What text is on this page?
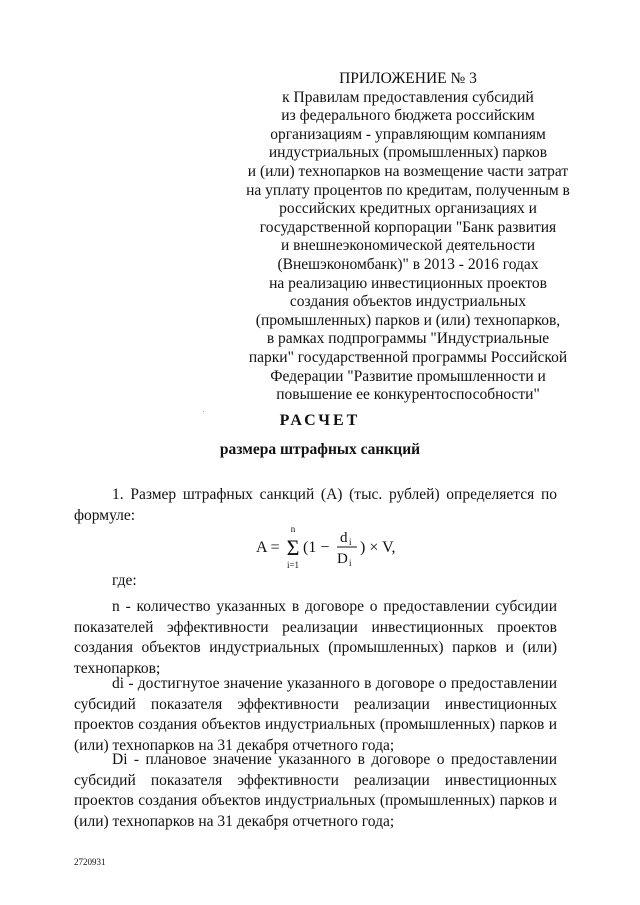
ПРИЛОЖЕНИЕ № 3
к Правилам предоставления субсидий
из федерального бюджета российским
организациям - управляющим компаниям
индустриальных (промышленных) парков
и (или) технопарков на возмещение части затрат
на уплату процентов по кредитам, полученным в
российских кредитных организациях и
государственной корпорации "Банк развития
и внешнеэкономической деятельности
(Внешэкономбанк)" в 2013 - 2016 годах
на реализацию инвестиционных проектов
создания объектов индустриальных
(промышленных) парков и (или) технопарков,
в рамках подпрограммы "Индустриальные
парки" государственной программы Российской
Федерации "Развитие промышленности и
повышение ее конкурентоспособности"
РАСЧЕТ
размера штрафных санкций
1. Размер штрафных санкций (А) (тыс. рублей) определяется по
формуле:
A =
n
Σ
i=1
(1 −
d i
D i
) × V,
где:
n - количество указанных в договоре о предоставлении субсидии
показателей эффективности реализации инвестиционных проектов
создания объектов индустриальных (промышленных) парков и (или)
технопарков;
di - достигнутое значение указанного в договоре о предоставлении
субсидий показателя эффективности реализации инвестиционных
проектов создания объектов индустриальных (промышленных) парков и
(или) технопарков на 31 декабря отчетного года;
Di - плановое значение указанного в договоре о предоставлении
субсидий показателя эффективности реализации инвестиционных
проектов создания объектов индустриальных (промышленных) парков и
(или) технопарков на 31 декабря отчетного года;
2720931
